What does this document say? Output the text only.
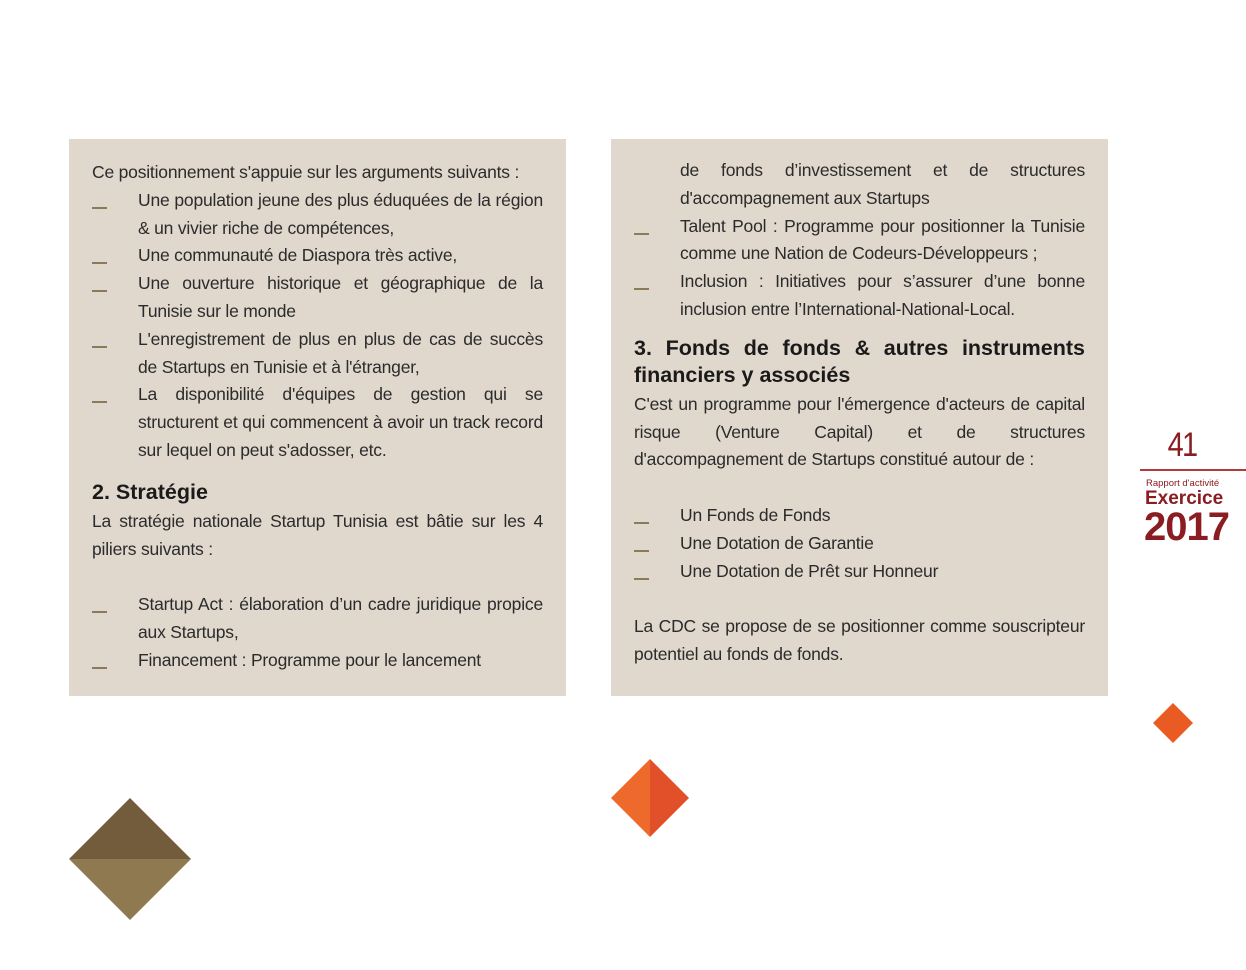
Ce positionnement s'appuie sur les arguments suivants :

Une population jeune des plus éduquées de la région & un vivier riche de compétences,
Une communauté de Diaspora très active,
Une ouverture historique et géographique de la Tunisie sur le monde
L'enregistrement de plus en plus de cas de succès de Startups en Tunisie et à l'étranger,
La disponibilité d'équipes de gestion qui se structurent et qui commencent à avoir un track record sur lequel on peut s'adosser, etc.
2. Stratégie

La stratégie nationale Startup Tunisia est bâtie sur les 4 piliers suivants :

Startup Act : élaboration d’un cadre juridique propice aux Startups,
Financement : Programme pour le lancement
de fonds d’investissement et de structures d'accompagnement aux Startups
Talent Pool : Programme pour positionner la Tunisie comme une Nation de Codeurs-Développeurs ;
Inclusion : Initiatives pour s’assurer d’une bonne inclusion entre l’International-National-Local.
3. Fonds de fonds & autres instruments financiers y associés

C'est un programme pour l'émergence d'acteurs de capital risque (Venture Capital) et de structures d'accompagnement de Startups constitué autour de :

Un Fonds de Fonds
Une Dotation de Garantie
Une Dotation de Prêt sur Honneur

La CDC se propose de se positionner comme souscripteur potentiel au fonds de fonds.

41
Rapport d'activité
Exercice
2017
